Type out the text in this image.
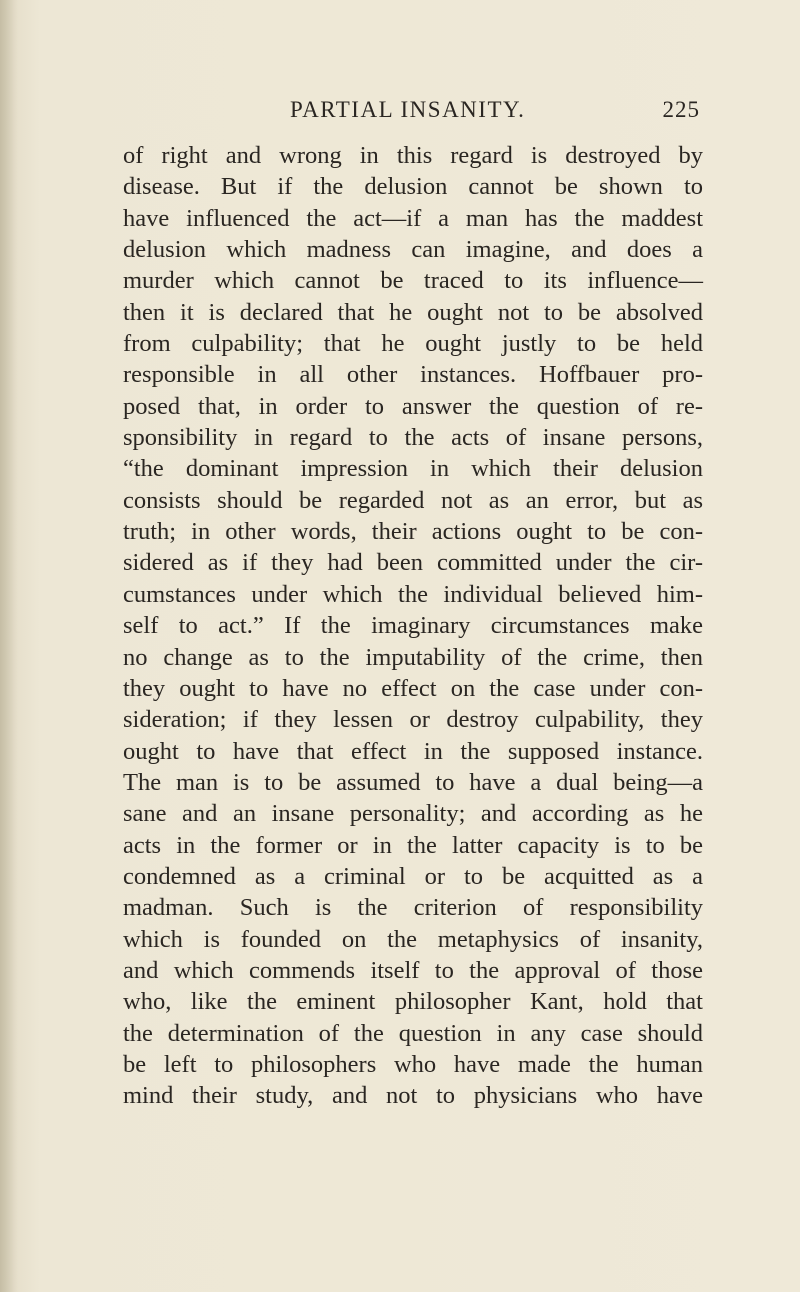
PARTIAL INSANITY.	225
of right and wrong in this regard is destroyed by
disease. But if the delusion cannot be shown to
have influenced the act—if a man has the maddest
delusion which madness can imagine, and does a
murder which cannot be traced to its influence—
then it is declared that he ought not to be absolved
from culpability; that he ought justly to be held
responsible in all other instances. Hoffbauer pro-
posed that, in order to answer the question of re-
sponsibility in regard to the acts of insane persons,
“the dominant impression in which their delusion
consists should be regarded not as an error, but as
truth; in other words, their actions ought to be con-
sidered as if they had been committed under the cir-
cumstances under which the individual believed him-
self to act.” If the imaginary circumstances make
no change as to the imputability of the crime, then
they ought to have no effect on the case under con-
sideration; if they lessen or destroy culpability, they
ought to have that effect in the supposed instance.
The man is to be assumed to have a dual being—a
sane and an insane personality; and according as he
acts in the former or in the latter capacity is to be
condemned as a criminal or to be acquitted as a
madman. Such is the criterion of responsibility
which is founded on the metaphysics of insanity,
and which commends itself to the approval of those
who, like the eminent philosopher Kant, hold that
the determination of the question in any case should
be left to philosophers who have made the human
mind their study, and not to physicians who have
